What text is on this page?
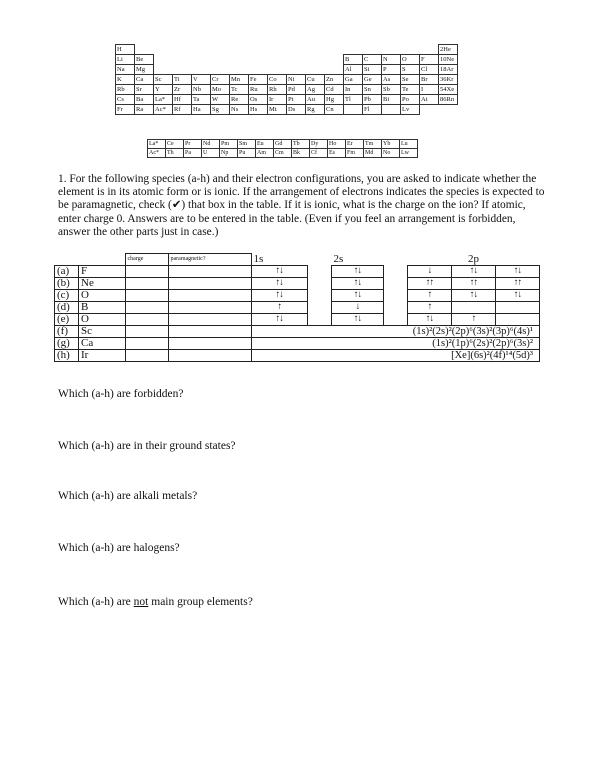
H																	2He
Li	Be											B	C	N	O	F	10Ne
Na	Mg											Al	Si	P	S	Cl	18Ar
K	Ca	Sc	Ti	V	Cr	Mn	Fe	Co	Ni	Cu	Zn	Ga	Ge	As	Se	Br	36Kr
Rb	Sr	Y	Zr	Nb	Mo	Tc	Ru	Rh	Pd	Ag	Cd	In	Sn	Sb	Te	I	54Xe
Cs	Ba	La*	Hf	Ta	W	Re	Os	Ir	Pt	Au	Hg	Tl	Pb	Bi	Po	At	86Rn
Fr	Ra	Ac*	Rf	Ha	Sg	Ns	Hs	Mt	Ds	Rg	Cn		Fl		Lv		
La*	Ce	Pr	Nd	Pm	Sm	Eu	Gd	Tb	Dy	Ho	Er	Tm	Yb	Lu
Ac*	Th	Pa	U	Np	Pu	Am	Cm	Bk	Cf	Es	Fm	Md	No	Lw

1. For the following species (a-h) and their electron configurations, you are asked to indicate whether the element is in its atomic form or is ionic. If the arrangement of electrons indicates the species is expected to be paramagnetic, check (✔) that box in the table. If it is ionic, what is the charge on the ion? If atomic, enter charge 0. Answers are to be entered in the table. (Even if you feel an arrangement is forbidden, answer the other parts just in case.)

		charge	paramagnetic?	1s		2s			2p	
(a)	F			↑↓		↑↓		↓	↑↓	↑↓
(b)	Ne			↑↓		↑↓		↑↑	↑↑	↑↑
(c)	O			↑↓		↑↓		↑	↑↓	↑↓
(d)	B			↑		↓		↑		
(e)	O			↑↓		↑↓		↑↓	↑	
(f)	Sc			(1s)²(2s)²(2p)⁶(3s)²(3p)⁶(4s)¹						
(g)	Ca			(1s)²(1p)⁶(2s)²(2p)⁶(3s)²						
(h)	Ir			[Xe](6s)²(4f)¹⁴(5d)³						

Which (a-h) are forbidden?

Which (a-h) are in their ground states?

Which (a-h) are alkali metals?

Which (a-h) are halogens?

Which (a-h) are not main group elements?
